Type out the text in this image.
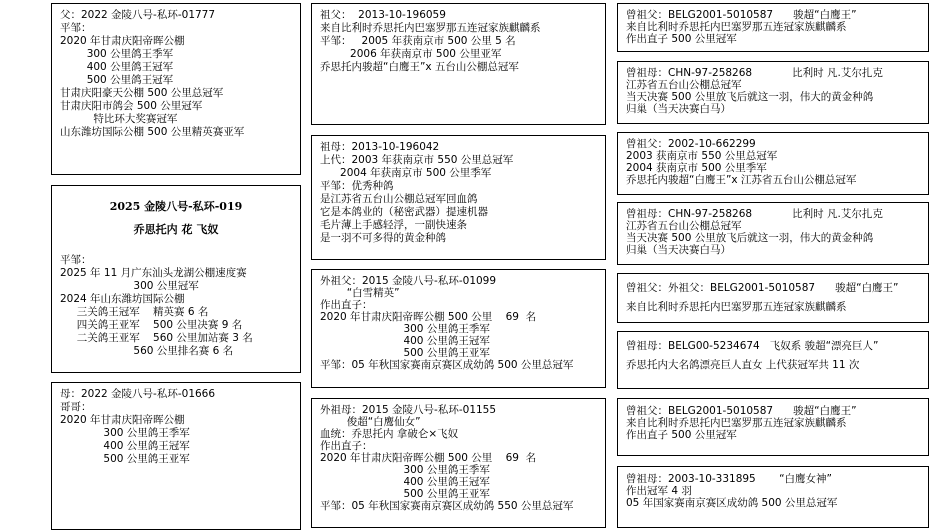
父：2022 金陵八号-私环-01777
平邹：
2020 年甘肃庆阳帝晖公棚
300 公里鸽王季军
400 公里鸽王冠军
500 公里鸽王冠军
甘肃庆阳豪天公棚 500 公里总冠军
甘肃庆阳市鸽会 500 公里冠军
特比环大奖赛冠军
山东潍坊国际公棚 500 公里精英赛亚军
2025 金陵八号-私环-019
乔思托内 花 飞奴
平邹：
2025 年 11 月广东汕头龙湖公棚速度赛
300 公里冠军
2024 年山东潍坊国际公棚
三关鸽王冠军    精英赛 6 名
四关鸽王亚军    500 公里决赛 9 名
二关鸽王亚军    560 公里加站赛 3 名
560 公里排名赛 6 名
母：2022 金陵八号-私环-01666
哥哥：
2020 年甘肃庆阳帝晖公棚
300 公里鸽王季军
400 公里鸽王冠军
500 公里鸽王亚军
祖父：  2013-10-196059
来自比利时乔思托内巴塞罗那五连冠家族麒麟系
平邹：   2005 年获南京市 500 公里 5 名
2006 年获南京市 500 公里亚军
乔思托内骏超“白鹰王”x 五台山公棚总冠军
祖母：2013-10-196042
上代：2003 年获南京市 550 公里总冠军
2004 年获南京市 500 公里季军
平邹：优秀种鸽
是江苏省五台山公棚总冠军回血鸽
它是本鸽业的（秘密武器）提速机器
毛片薄上手感轻浮，一副快速条
是一羽不可多得的黄金种鸽
外祖父：2015 金陵八号-私环-01099
“白雪精英”
作出直子：
2020 年甘肃庆阳帝晖公棚 500 公里    69  名
300 公里鸽王季军
400 公里鸽王冠军
500 公里鸽王亚军
平邹：05 年秋国家赛南京赛区成幼鸽 500 公里总冠军
外祖母：2015 金陵八号-私环-01155
俊超“白鹰仙女”
血统：乔思托内 拿破仑×飞奴
作出直子：
2020 年甘肃庆阳帝晖公棚 500 公里    69  名
300 公里鸽王季军
400 公里鸽王冠军
500 公里鸽王亚军
平邹：05 年秋国家赛南京赛区成幼鸽 550 公里总冠军
曾祖父：BELG2001-5010587      骏超“白鹰王”
来自比利时乔思托内巴塞罗那五连冠家族麒麟系
作出直子 500 公里冠军
曾祖母：CHN-97-258268            比利时 凡.艾尔扎克
江苏省五台山公棚总冠军
当天决赛 500 公里放飞后就这一羽，伟大的黄金种鸽
归巢（当天决赛白马）
曾祖父：2002-10-662299
2003 获南京市 550 公里总冠军
2004 获南京市 500 公里季军
乔思托内骏超“白鹰王”x 江苏省五台山公棚总冠军
曾祖母：CHN-97-258268            比利时 凡.艾尔扎克
江苏省五台山公棚总冠军
当天决赛 500 公里放飞后就这一羽，伟大的黄金种鸽
归巢（当天决赛白马）
曾祖父：外祖父：BELG2001-5010587      骏超“白鹰王”
来自比利时乔思托内巴塞罗那五连冠家族麒麟系
曾祖母：BELG00-5234674   飞奴系 骏超“漂亮巨人”
乔思托内大名鸽漂亮巨人直女 上代获冠军共 11 次
曾祖父：BELG2001-5010587      骏超“白鹰王”
来自比利时乔思托内巴塞罗那五连冠家族麒麟系
作出直子 500 公里冠军
曾祖母：2003-10-331895       “白鹰女神”
作出冠军 4 羽
05 年国家赛南京赛区成幼鸽 500 公里总冠军
